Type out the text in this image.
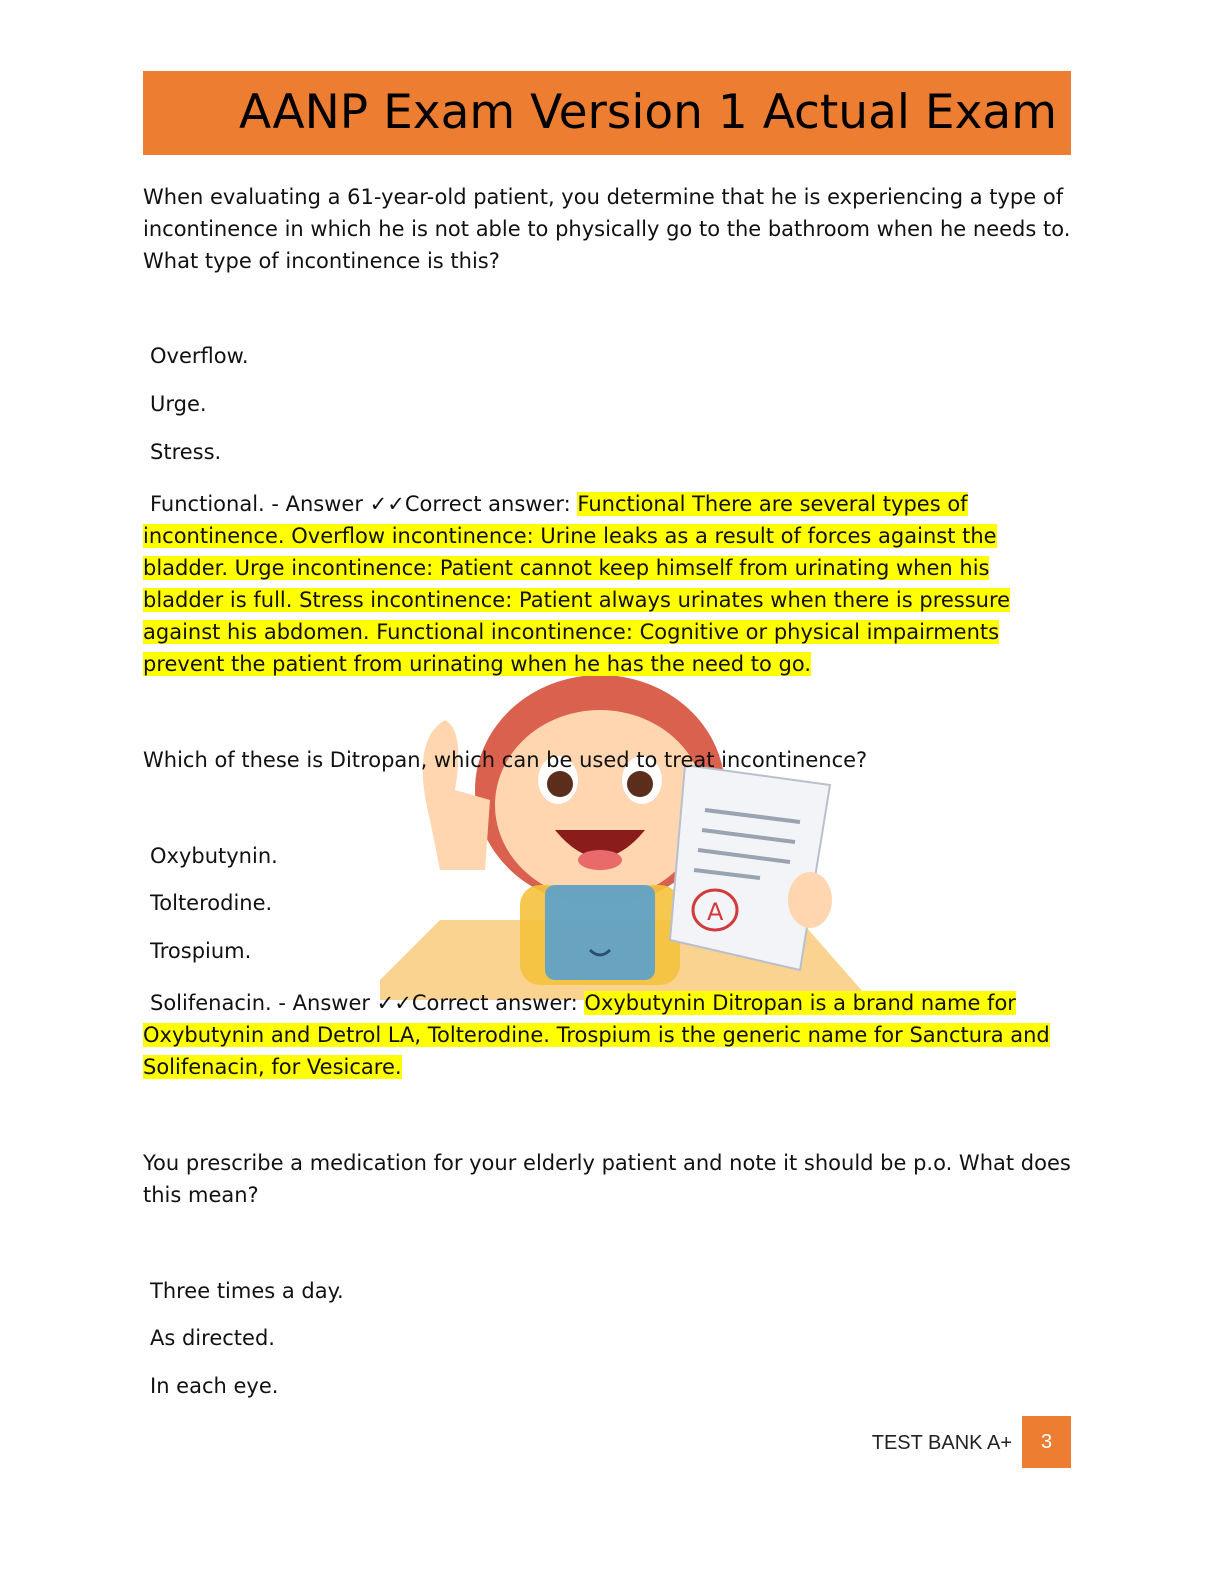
AANP Exam Version 1 Actual Exam
A
When evaluating a 61-year-old patient, you determine that he is experiencing a type of incontinence in which he is not able to physically go to the bathroom when he needs to. What type of incontinence is this?
Overflow.
Urge.
Stress.
Functional. - Answer ✓✓Correct answer: Functional There are several types of incontinence. Overflow incontinence: Urine leaks as a result of forces against the bladder. Urge incontinence: Patient cannot keep himself from urinating when his bladder is full. Stress incontinence: Patient always urinates when there is pressure against his abdomen. Functional incontinence: Cognitive or physical impairments prevent the patient from urinating when he has the need to go.
Which of these is Ditropan, which can be used to treat incontinence?
Oxybutynin.
Tolterodine.
Trospium.
Solifenacin. - Answer ✓✓Correct answer: Oxybutynin Ditropan is a brand name for Oxybutynin and Detrol LA, Tolterodine. Trospium is the generic name for Sanctura and Solifenacin, for Vesicare.
You prescribe a medication for your elderly patient and note it should be p.o. What does this mean?
Three times a day.
As directed.
In each eye.
TEST BANK A+	3
